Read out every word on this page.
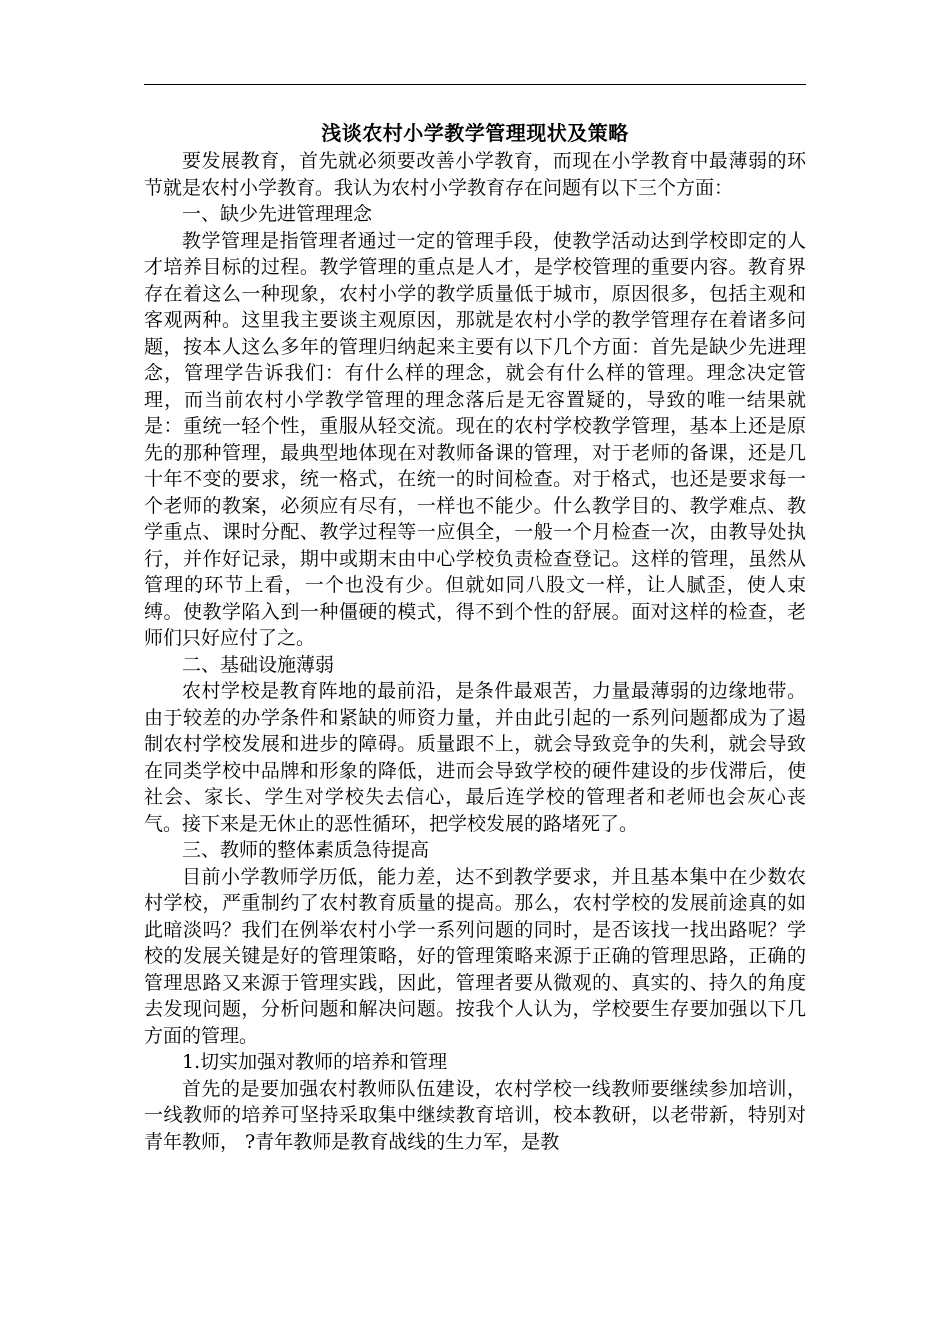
浅谈农村小学教学管理现状及策略

要发展教育，首先就必须要改善小学教育，而现在小学教育中最薄弱的环节就是农村小学教育。我认为农村小学教育存在问题有以下三个方面：

一、缺少先进管理理念

教学管理是指管理者通过一定的管理手段，使教学活动达到学校即定的人才培养目标的过程。教学管理的重点是人才，是学校管理的重要内容。教育界存在着这么一种现象，农村小学的教学质量低于城市，原因很多，包括主观和客观两种。这里我主要谈主观原因，那就是农村小学的教学管理存在着诸多问题，按本人这么多年的管理归纳起来主要有以下几个方面：首先是缺少先进理念，管理学告诉我们：有什么样的理念，就会有什么样的管理。理念决定管理，而当前农村小学教学管理的理念落后是无容置疑的，导致的唯一结果就是：重统一轻个性，重服从轻交流。现在的农村学校教学管理，基本上还是原先的那种管理，最典型地体现在对教师备课的管理，对于老师的备课，还是几十年不变的要求，统一格式，在统一的时间检查。对于格式，也还是要求每一个老师的教案，必须应有尽有，一样也不能少。什么教学目的、教学难点、教学重点、课时分配、教学过程等一应俱全，一般一个月检查一次，由教导处执行，并作好记录，期中或期末由中心学校负责检查登记。这样的管理，虽然从管理的环节上看，一个也没有少。但就如同八股文一样，让人腻歪，使人束缚。使教学陷入到一种僵硬的模式，得不到个性的舒展。面对这样的检查，老师们只好应付了之。

二、基础设施薄弱

农村学校是教育阵地的最前沿，是条件最艰苦，力量最薄弱的边缘地带。由于较差的办学条件和紧缺的师资力量，并由此引起的一系列问题都成为了遏制农村学校发展和进步的障碍。质量跟不上，就会导致竞争的失利，就会导致在同类学校中品牌和形象的降低，进而会导致学校的硬件建设的步伐滞后，使社会、家长、学生对学校失去信心，最后连学校的管理者和老师也会灰心丧气。接下来是无休止的恶性循环，把学校发展的路堵死了。

三、教师的整体素质急待提高

目前小学教师学历低，能力差，达不到教学要求，并且基本集中在少数农村学校，严重制约了农村教育质量的提高。那么，农村学校的发展前途真的如此暗淡吗？我们在例举农村小学一系列问题的同时，是否该找一找出路呢？学校的发展关键是好的管理策略，好的管理策略来源于正确的管理思路，正确的管理思路又来源于管理实践，因此，管理者要从微观的、真实的、持久的角度去发现问题，分析问题和解决问题。按我个人认为，学校要生存要加强以下几方面的管理。

1.切实加强对教师的培养和管理

首先的是要加强农村教师队伍建设，农村学校一线教师要继续参加培训，一线教师的培养可坚持采取集中继续教育培训，校本教研，以老带新，特别对青年教师， ?青年教师是教育战线的生力军，是教
